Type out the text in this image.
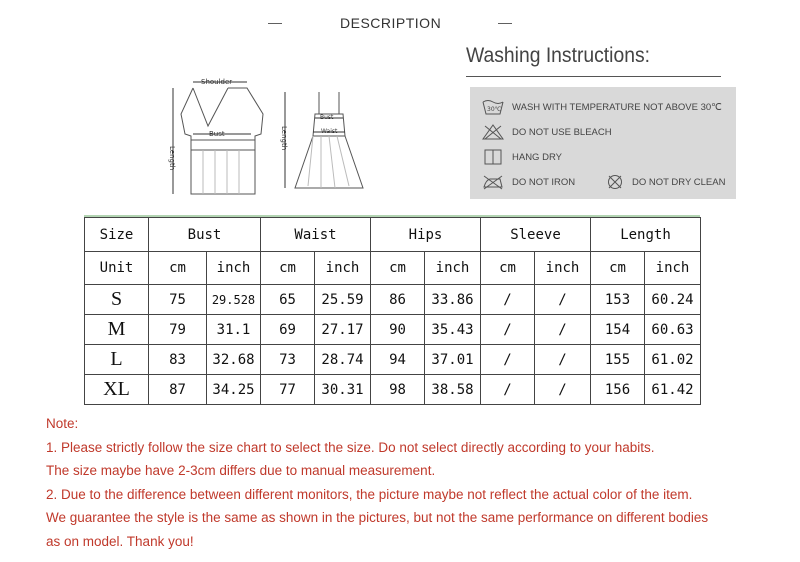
—	DESCRIPTION	—
Shoulder
Bust
Length
Bust
Waist
Length
Washing Instructions:
30℃ WASH WITH TEMPERATURE NOT ABOVE 30℃
DO NOT USE BLEACH
HANG DRY
DO NOT IRON	DO NOT DRY CLEAN
Size	Bust		Waist		Hips		Sleeve		Length	
Unit	cm	inch	cm	inch	cm	inch	cm	inch	cm	inch
S	75	29.528	65	25.59	86	33.86	/	/	153	60.24
M	79	31.1	69	27.17	90	35.43	/	/	154	60.63
L	83	32.68	73	28.74	94	37.01	/	/	155	61.02
XL	87	34.25	77	30.31	98	38.58	/	/	156	61.42
Note:
1. Please strictly follow the size chart to select the size. Do not select directly according to your habits.
The size maybe have 2-3cm differs due to manual measurement.
2. Due to the difference between different monitors, the picture maybe not reflect the actual color of the item.
We guarantee the style is the same as shown in the pictures, but not the same performance on different bodies
as on model. Thank you!
